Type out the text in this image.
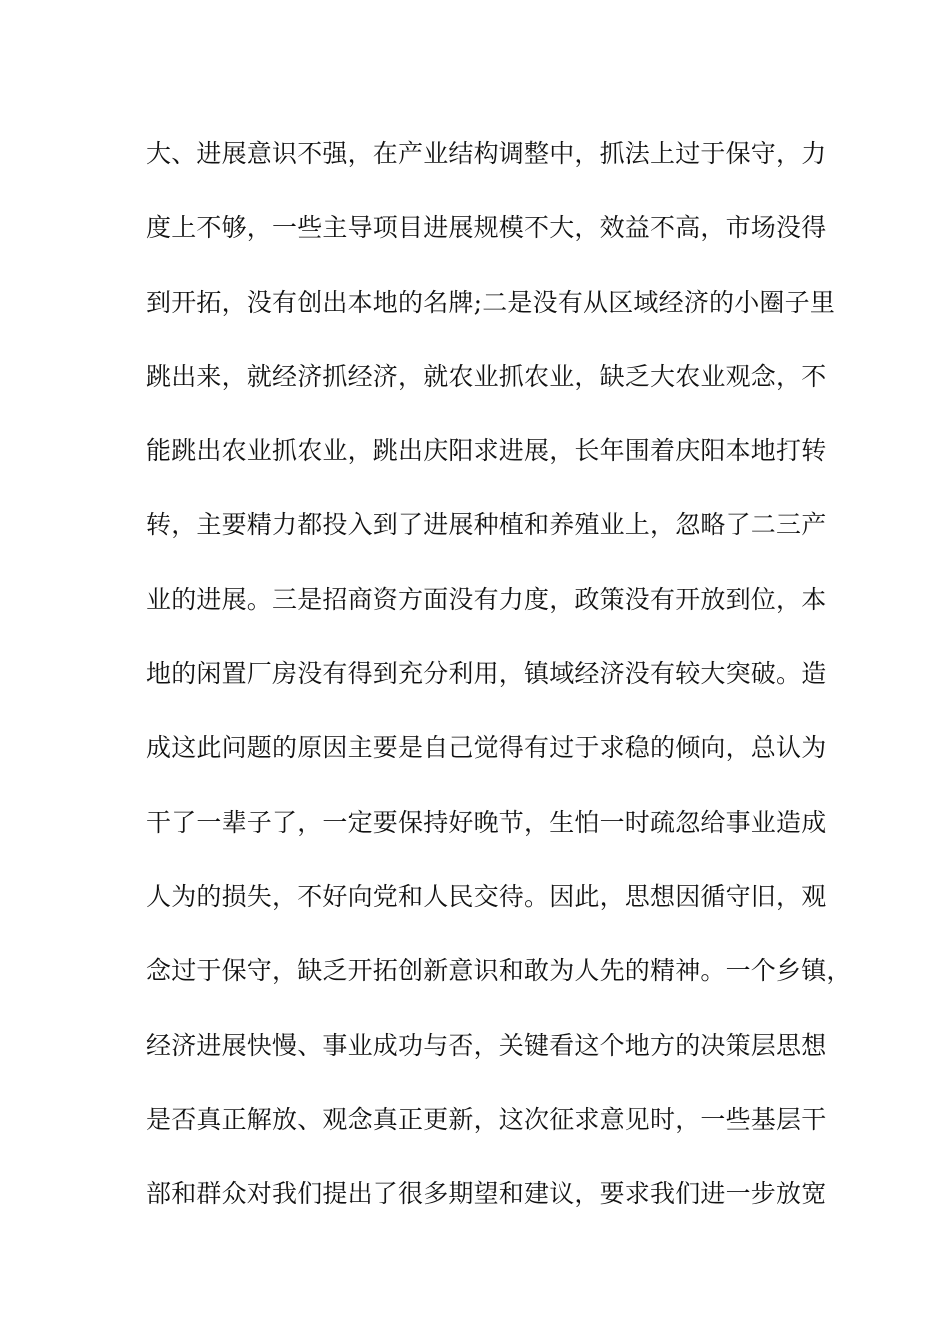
大、进展意识不强，在产业结构调整中，抓法上过于保守，力
度上不够，一些主导项目进展规模不大，效益不高，市场没得
到开拓，没有创出本地的名牌;二是没有从区域经济的小圈子里
跳出来，就经济抓经济，就农业抓农业，缺乏大农业观念，不
能跳出农业抓农业，跳出庆阳求进展，长年围着庆阳本地打转
转，主要精力都投入到了进展种植和养殖业上，忽略了二三产
业的进展。三是招商资方面没有力度，政策没有开放到位，本
地的闲置厂房没有得到充分利用，镇域经济没有较大突破。造
成这此问题的原因主要是自己觉得有过于求稳的倾向，总认为
干了一辈子了，一定要保持好晚节，生怕一时疏忽给事业造成
人为的损失，不好向党和人民交待。因此，思想因循守旧，观
念过于保守，缺乏开拓创新意识和敢为人先的精神。一个乡镇，
经济进展快慢、事业成功与否，关键看这个地方的决策层思想
是否真正解放、观念真正更新，这次征求意见时，一些基层干
部和群众对我们提出了很多期望和建议，要求我们进一步放宽
